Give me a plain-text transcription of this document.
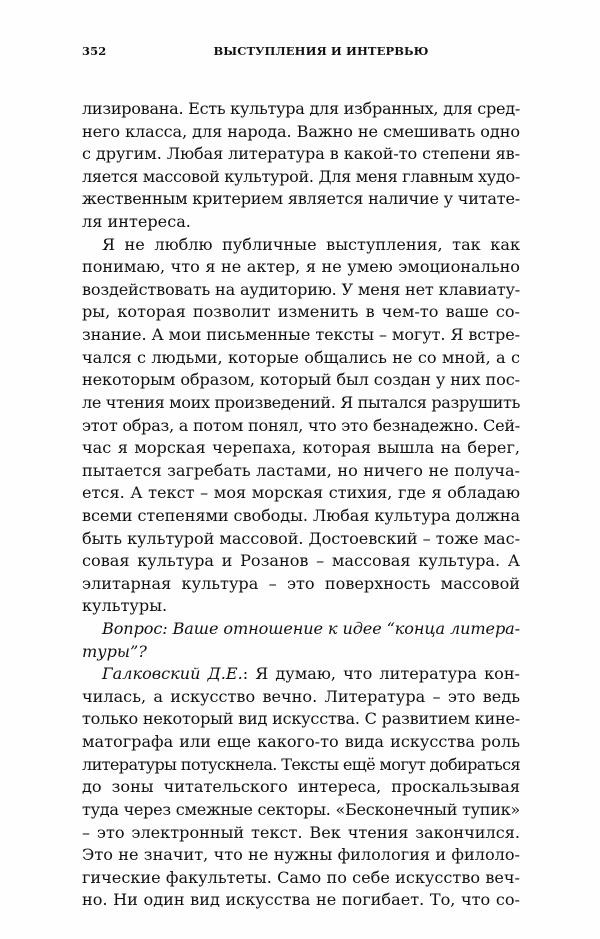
352	ВЫСТУПЛЕНИЯ И ИНТЕРВЬЮ
лизирована. Есть культура для избранных, для сред-
него класса, для народа. Важно не смешивать одно
с другим. Любая литература в какой-то степени яв-
ляется массовой культурой. Для меня главным худо-
жественным критерием является наличие у читате-
ля интереса.
Я не люблю публичные выступления, так как
понимаю, что я не актер, я не умею эмоционально
воздействовать на аудиторию. У меня нет клавиату-
ры, которая позволит изменить в чем-то ваше со-
знание. А мои письменные тексты – могут. Я встре-
чался с людьми, которые общались не со мной, а с
некоторым образом, который был создан у них пос-
ле чтения моих произведений. Я пытался разрушить
этот образ, а потом понял, что это безнадежно. Сей-
час я морская черепаха, которая вышла на берег,
пытается загребать ластами, но ничего не получа-
ется. А текст – моя морская стихия, где я обладаю
всеми степенями свободы. Любая культура должна
быть культурой массовой. Достоевский – тоже мас-
совая культура и Розанов – массовая культура. А
элитарная культура – это поверхность массовой
культуры.
Вопрос: Ваше отношение к идее “конца литера-
туры”?
Галковский Д.Е.: Я думаю, что литература кон-
чилась, а искусство вечно. Литература – это ведь
только некоторый вид искусства. С развитием кине-
матографа или еще какого-то вида искусства роль
литературы потускнела. Тексты ещё могут добираться
до зоны читательского интереса, проскальзывая
туда через смежные секторы. «Бесконечный тупик»
– это электронный текст. Век чтения закончился.
Это не значит, что не нужны филология и филоло-
гические факультеты. Само по себе искусство веч-
но. Ни один вид искусства не погибает. То, что со-
